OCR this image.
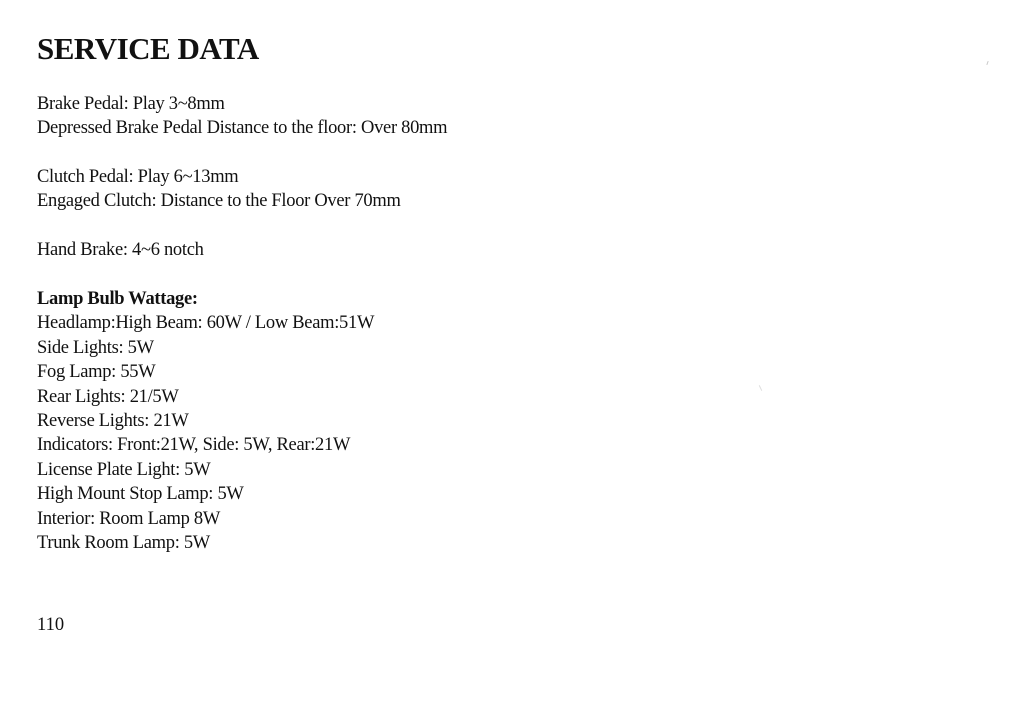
SERVICE DATA
Brake Pedal: Play 3~8mm
Depressed Brake Pedal Distance to the floor: Over 80mm
Clutch Pedal: Play 6~13mm
Engaged Clutch: Distance to the Floor Over 70mm
Hand Brake: 4~6 notch
Lamp Bulb Wattage:
Headlamp:High Beam: 60W / Low Beam:51W
Side Lights: 5W
Fog Lamp: 55W
Rear Lights: 21/5W
Reverse Lights: 21W
Indicators: Front:21W, Side: 5W, Rear:21W
License Plate Light: 5W
High Mount Stop Lamp: 5W
Interior: Room Lamp 8W
Trunk Room Lamp: 5W
110
